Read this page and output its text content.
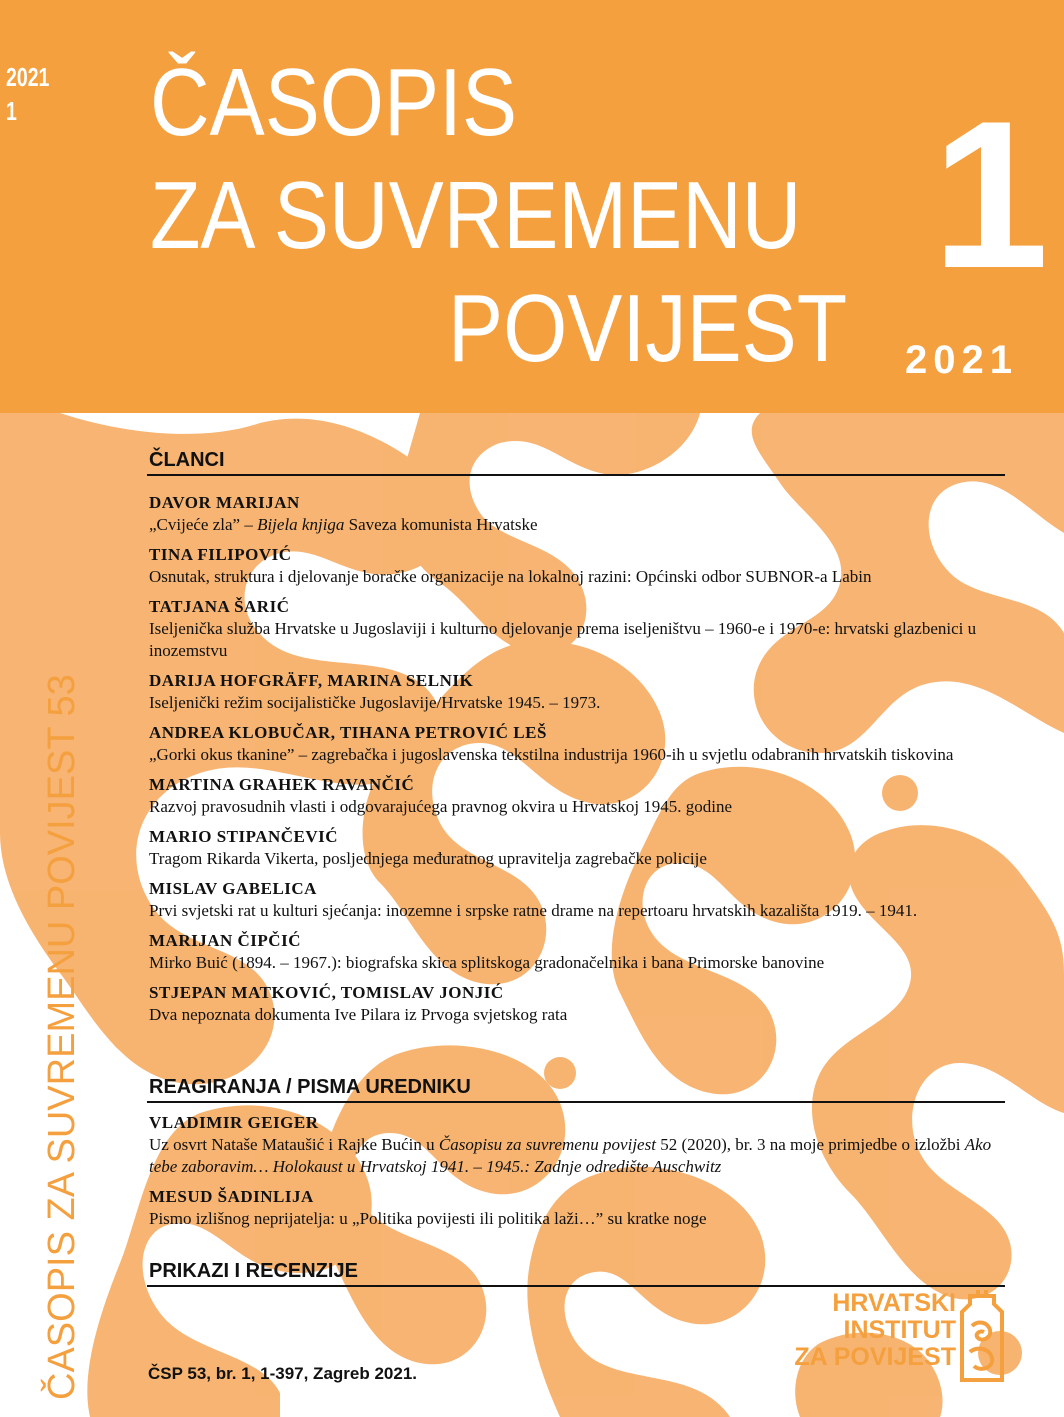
2021
1	ČASOPIS
ZA SUVREMENU
POVIJEST
1
2021
ČASOPIS ZA SUVREMENU POVIJEST 53
ČLANCI
DAVOR MARIJAN
„Cvijeće zla” – Bijela knjiga Saveza komunista Hrvatske
TINA FILIPOVIĆ
Osnutak, struktura i djelovanje boračke organizacije na lokalnoj razini: Općinski odbor SUBNOR-a Labin
TATJANA ŠARIĆ
Iseljenička služba Hrvatske u Jugoslaviji i kulturno djelovanje prema iseljeništvu – 1960-e i 1970-e: hrvatski glazbenici u inozemstvu
DARIJA HOFGRÄFF, MARINA SELNIK
Iseljenički režim socijalističke Jugoslavije/Hrvatske 1945. – 1973.
ANDREA KLOBUČAR, TIHANA PETROVIĆ LEŠ
„Gorki okus tkanine” – zagrebačka i jugoslavenska tekstilna industrija 1960-ih u svjetlu odabranih hrvatskih tiskovina
MARTINA GRAHEK RAVANČIĆ
Razvoj pravosudnih vlasti i odgovarajućega pravnog okvira u Hrvatskoj 1945. godine
MARIO STIPANČEVIĆ
Tragom Rikarda Vikerta, posljednjega međuratnog upravitelja zagrebačke policije
MISLAV GABELICA
Prvi svjetski rat u kulturi sjećanja: inozemne i srpske ratne drame na repertoaru hrvatskih kazališta 1919. – 1941.
MARIJAN ČIPČIĆ
Mirko Buić (1894. – 1967.): biografska skica splitskoga gradonačelnika i bana Primorske banovine
STJEPAN MATKOVIĆ, TOMISLAV JONJIĆ
Dva nepoznata dokumenta Ive Pilara iz Prvoga svjetskog rata
REAGIRANJA / PISMA UREDNIKU
VLADIMIR GEIGER
Uz osvrt Nataše Mataušić i Rajke Bućin u Časopisu za suvremenu povijest 52 (2020), br. 3 na moje primjedbe o izložbi Ako tebe zaboravim… Holokaust u Hrvatskoj 1941. – 1945.: Zadnje odredište Auschwitz
MESUD ŠADINLIJA
Pismo izlišnog neprijatelja: u „Politika povijesti ili politika laži…” su kratke noge
PRIKAZI I RECENZIJE
ČSP 53, br. 1, 1-397, Zagreb 2021.
HRVATSKI
INSTITUT
ZA POVIJEST
